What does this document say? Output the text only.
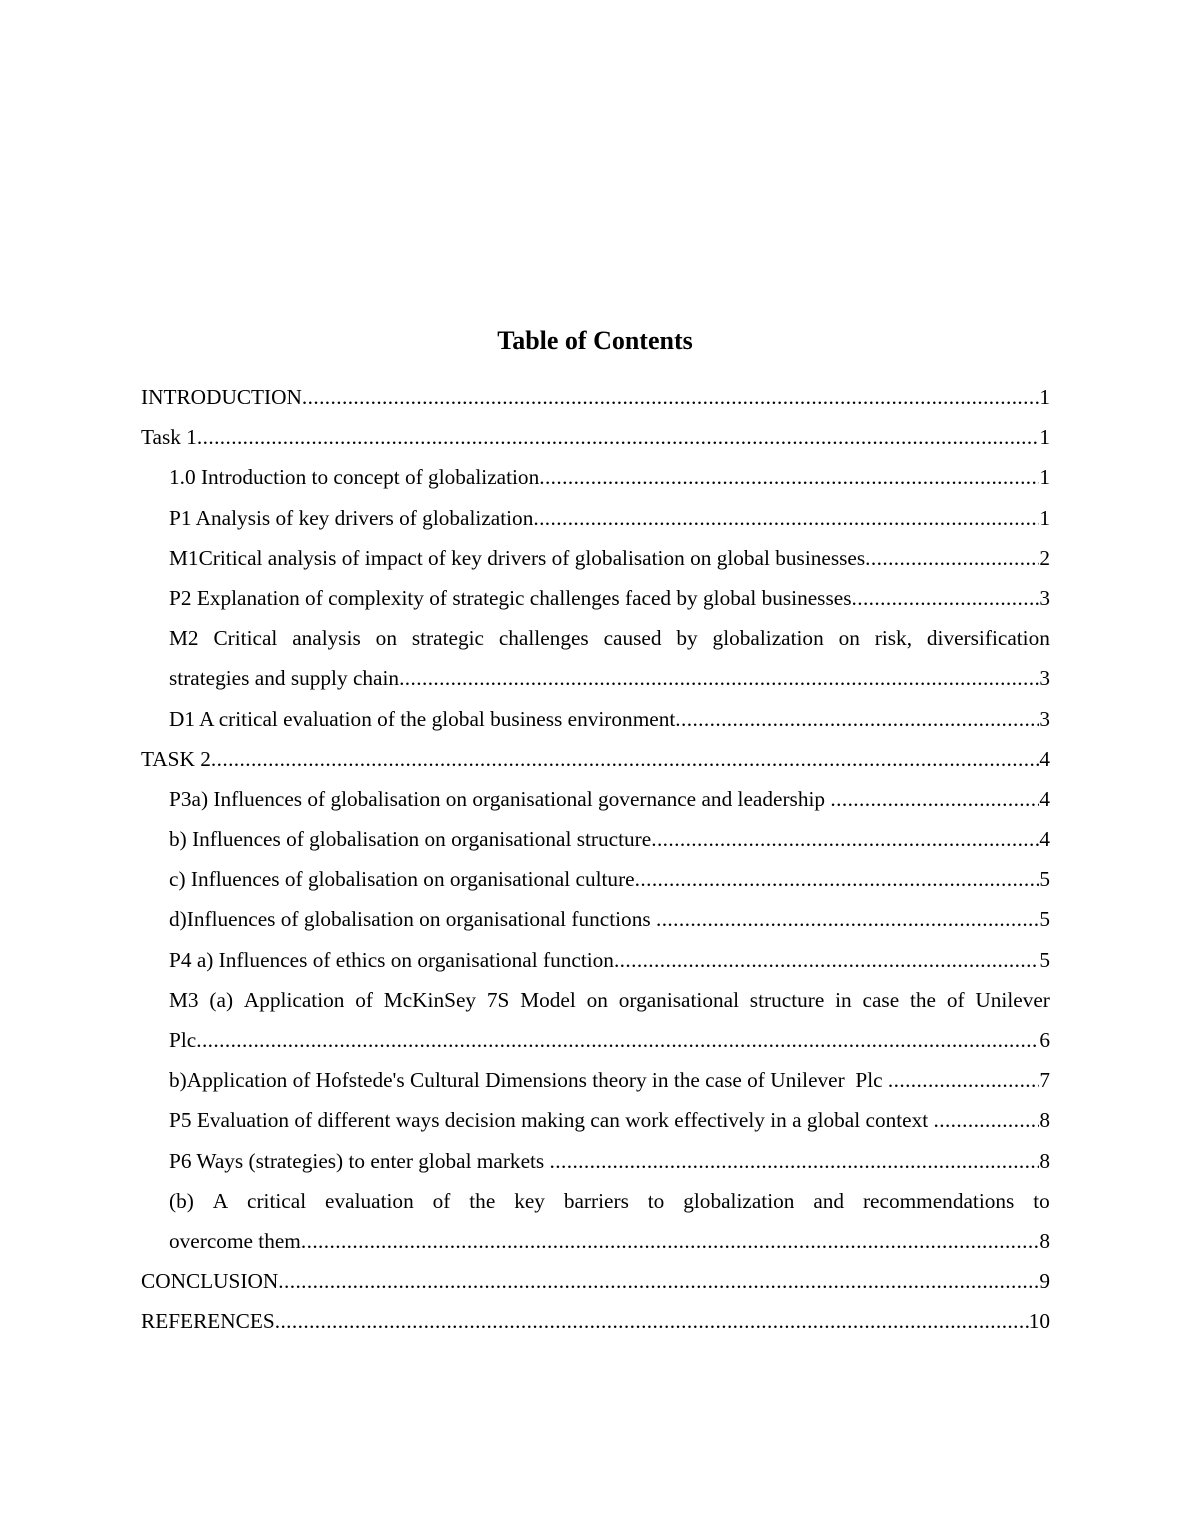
Table of Contents
INTRODUCTION .....	1
Task 1 .....	1
1.0 Introduction to concept of globalization .....	1
P1 Analysis of key drivers of globalization .....	1
M1Critical analysis of impact of key drivers of globalisation on global businesses .....	2
P2 Explanation of complexity of strategic challenges faced by global businesses .....	3
M2 Critical analysis on strategic challenges caused by globalization on risk, diversification
strategies and supply chain .....	3
D1 A critical evaluation of the global business environment .....	3
TASK 2 .....	4
P3a) Influences of globalisation on organisational governance and leadership .....	4
b) Influences of globalisation on organisational structure .....	4
c) Influences of globalisation on organisational culture .....	5
d)Influences of globalisation on organisational functions .....	5
P4 a) Influences of ethics on organisational function .....	5
M3 (a) Application of McKinSey 7S Model on organisational structure in case the of Unilever
Plc .....	6
b)Application of Hofstede's Cultural Dimensions theory in the case of Unilever  Plc .....	7
P5 Evaluation of different ways decision making can work effectively in a global context .....	8
P6 Ways (strategies) to enter global markets .....	8
(b) A critical evaluation of the key barriers to globalization and recommendations to
overcome them .....	8
CONCLUSION .....	9
REFERENCES .....	10
